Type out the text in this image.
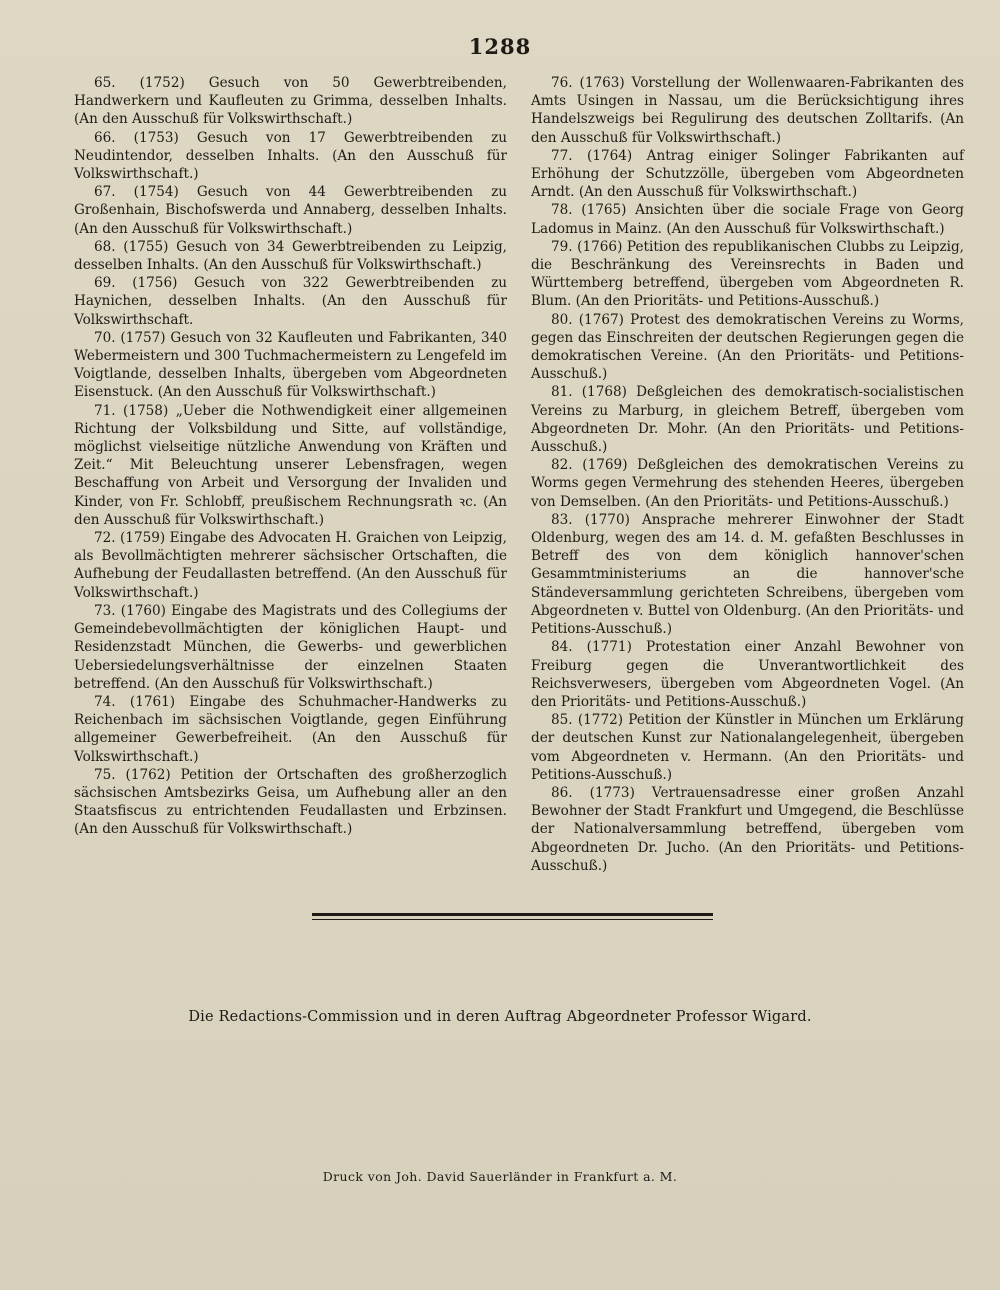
1288

65. (1752) Gesuch von 50 Gewerbtreibenden, Handwerkern und Kaufleuten zu Grimma, desselben Inhalts. (An den Ausschuß für Volkswirthschaft.)

66. (1753) Gesuch von 17 Gewerbtreibenden zu Neudintendor, desselben Inhalts. (An den Ausschuß für Volkswirthschaft.)

67. (1754) Gesuch von 44 Gewerbtreibenden zu Großenhain, Bischofswerda und Annaberg, desselben Inhalts. (An den Ausschuß für Volkswirthschaft.)

68. (1755) Gesuch von 34 Gewerbtreibenden zu Leipzig, desselben Inhalts. (An den Ausschuß für Volkswirthschaft.)

69. (1756) Gesuch von 322 Gewerbtreibenden zu Haynichen, desselben Inhalts. (An den Ausschuß für Volkswirthschaft.

70. (1757) Gesuch von 32 Kaufleuten und Fabrikanten, 340 Webermeistern und 300 Tuchmachermeistern zu Lengefeld im Voigtlande, desselben Inhalts, übergeben vom Abgeordneten Eisenstuck. (An den Ausschuß für Volkswirthschaft.)

71. (1758) „Ueber die Nothwendigkeit einer allgemeinen Richtung der Volksbildung und Sitte, auf vollständige, möglichst vielseitige nützliche Anwendung von Kräften und Zeit.“ Mit Beleuchtung unserer Lebensfragen, wegen Beschaffung von Arbeit und Versorgung der Invaliden und Kinder, von Fr. Schlobff, preußischem Rechnungsrath ꝛc. (An den Ausschuß für Volkswirthschaft.)

72. (1759) Eingabe des Advocaten H. Graichen von Leipzig, als Bevollmächtigten mehrerer sächsischer Ortschaften, die Aufhebung der Feudallasten betreffend. (An den Ausschuß für Volkswirthschaft.)

73. (1760) Eingabe des Magistrats und des Collegiums der Gemeindebevollmächtigten der königlichen Haupt- und Residenzstadt München, die Gewerbs- und gewerblichen Uebersiedelungsverhältnisse der einzelnen Staaten betreffend. (An den Ausschuß für Volkswirthschaft.)

74. (1761) Eingabe des Schuhmacher-Handwerks zu Reichenbach im sächsischen Voigtlande, gegen Einführung allgemeiner Gewerbefreiheit. (An den Ausschuß für Volkswirthschaft.)

75. (1762) Petition der Ortschaften des großherzoglich sächsischen Amtsbezirks Geisa, um Aufhebung aller an den Staatsfiscus zu entrichtenden Feudallasten und Erbzinsen. (An den Ausschuß für Volkswirthschaft.)

76. (1763) Vorstellung der Wollenwaaren-Fabrikanten des Amts Usingen in Nassau, um die Berücksichtigung ihres Handelszweigs bei Regulirung des deutschen Zolltarifs. (An den Ausschuß für Volkswirthschaft.)

77. (1764) Antrag einiger Solinger Fabrikanten auf Erhöhung der Schutzzölle, übergeben vom Abgeordneten Arndt. (An den Ausschuß für Volkswirthschaft.)

78. (1765) Ansichten über die sociale Frage von Georg Ladomus in Mainz. (An den Ausschuß für Volkswirthschaft.)

79. (1766) Petition des republikanischen Clubbs zu Leipzig, die Beschränkung des Vereinsrechts in Baden und Württemberg betreffend, übergeben vom Abgeordneten R. Blum. (An den Prioritäts- und Petitions-Ausschuß.)

80. (1767) Protest des demokratischen Vereins zu Worms, gegen das Einschreiten der deutschen Regierungen gegen die demokratischen Vereine. (An den Prioritäts- und Petitions-Ausschuß.)

81. (1768) Deßgleichen des demokratisch-socialistischen Vereins zu Marburg, in gleichem Betreff, übergeben vom Abgeordneten Dr. Mohr. (An den Prioritäts- und Petitions-Ausschuß.)

82. (1769) Deßgleichen des demokratischen Vereins zu Worms gegen Vermehrung des stehenden Heeres, übergeben von Demselben. (An den Prioritäts- und Petitions-Ausschuß.)

83. (1770) Ansprache mehrerer Einwohner der Stadt Oldenburg, wegen des am 14. d. M. gefaßten Beschlusses in Betreff des von dem königlich hannover'schen Gesammtministeriums an die hannover'sche Ständeversammlung gerichteten Schreibens, übergeben vom Abgeordneten v. Buttel von Oldenburg. (An den Prioritäts- und Petitions-Ausschuß.)

84. (1771) Protestation einer Anzahl Bewohner von Freiburg gegen die Unverantwortlichkeit des Reichsverwesers, übergeben vom Abgeordneten Vogel. (An den Prioritäts- und Petitions-Ausschuß.)

85. (1772) Petition der Künstler in München um Erklärung der deutschen Kunst zur Nationalangelegenheit, übergeben vom Abgeordneten v. Hermann. (An den Prioritäts- und Petitions-Ausschuß.)

86. (1773) Vertrauensadresse einer großen Anzahl Bewohner der Stadt Frankfurt und Umgegend, die Beschlüsse der Nationalversammlung betreffend, übergeben vom Abgeordneten Dr. Jucho. (An den Prioritäts- und Petitions-Ausschuß.)

Die Redactions-Commission und in deren Auftrag Abgeordneter Professor Wigard.
Druck von Joh. David Sauerländer in Frankfurt a. M.
